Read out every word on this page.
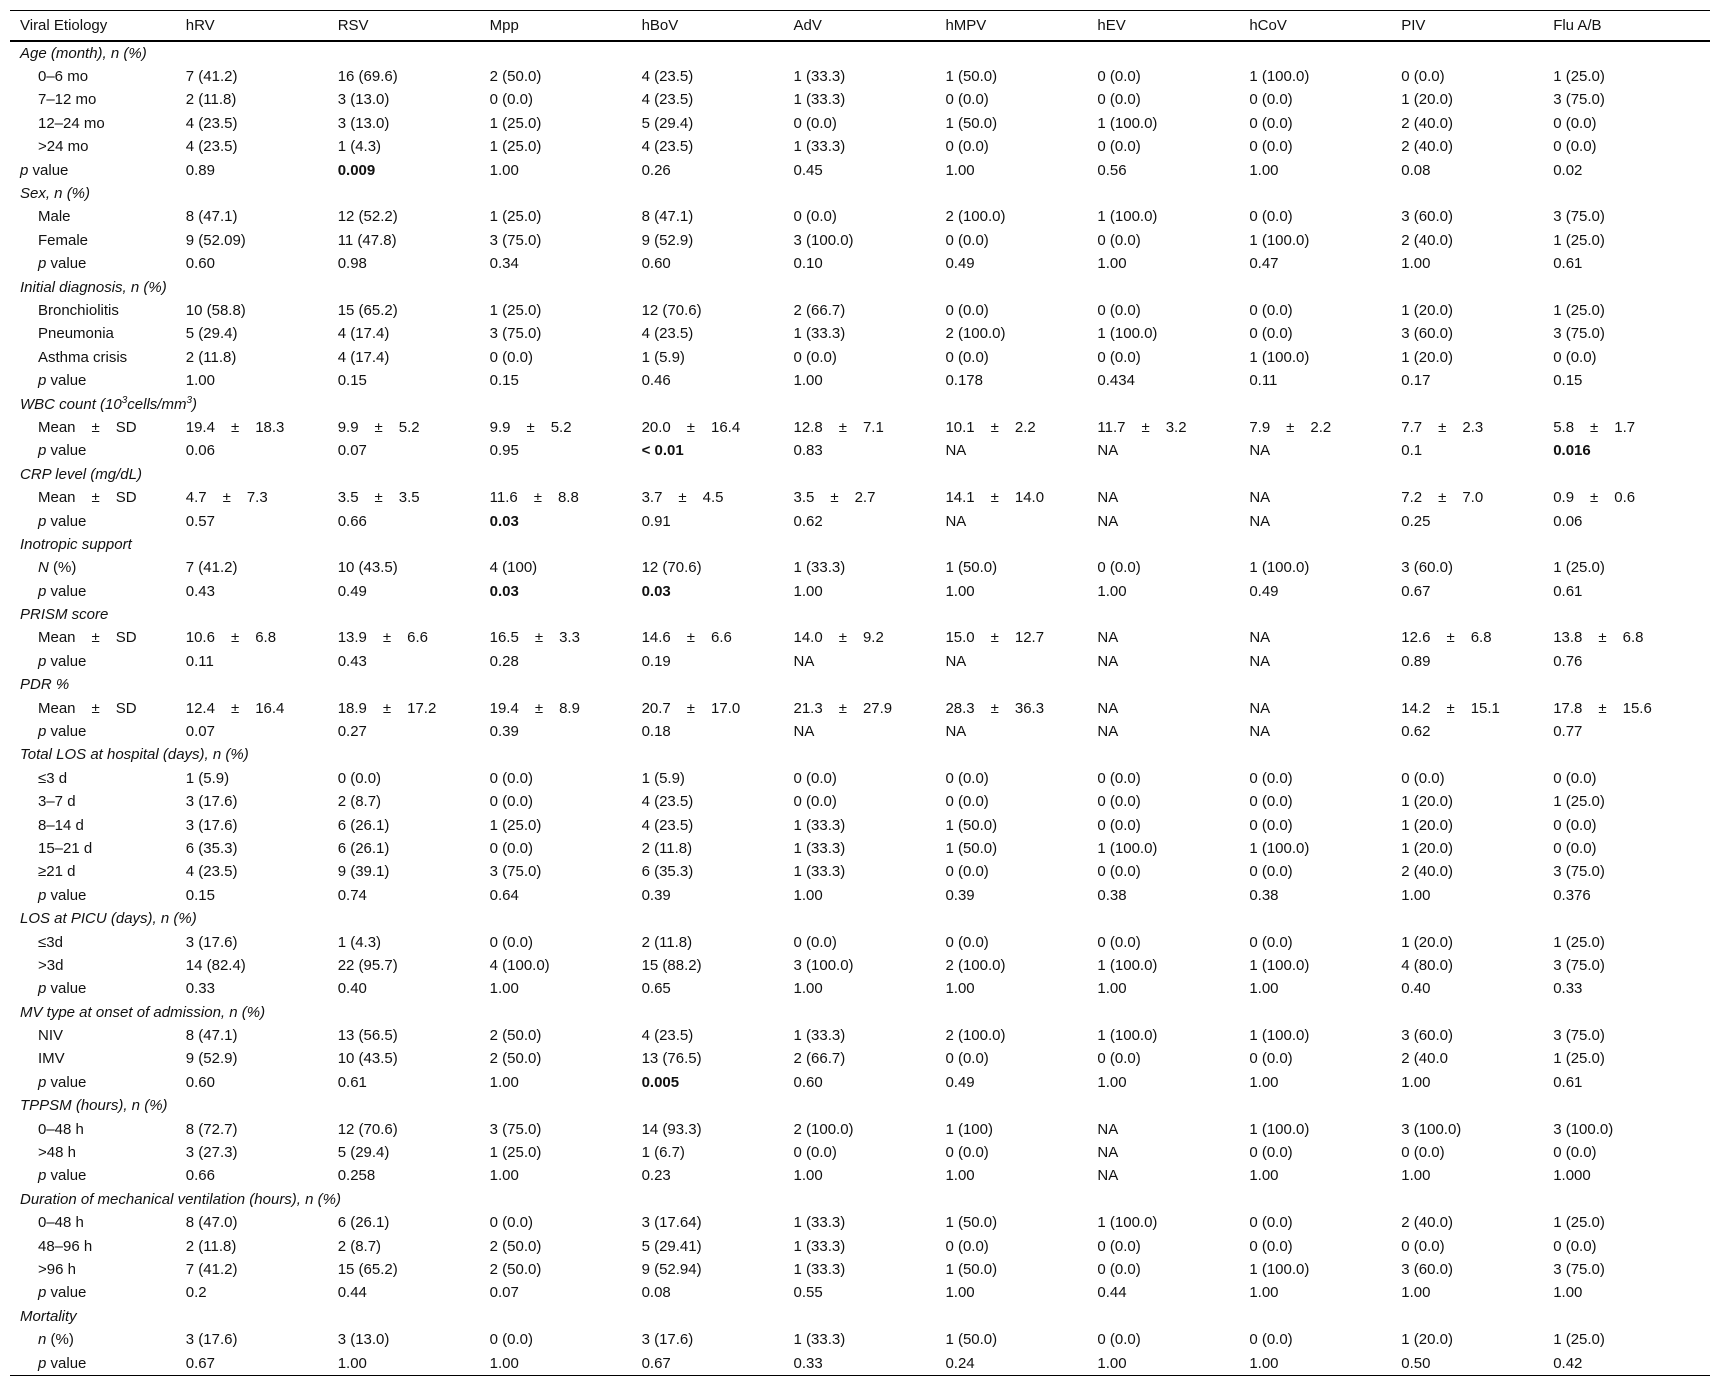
Viral Etiology	hRV	RSV	Mpp	hBoV	AdV	hMPV	hEV	hCoV	PIV	Flu A/B
Age (month), n (%)										
0–6 mo	7 (41.2)	16 (69.6)	2 (50.0)	4 (23.5)	1 (33.3)	1 (50.0)	0 (0.0)	1 (100.0)	0 (0.0)	1 (25.0)
7–12 mo	2 (11.8)	3 (13.0)	0 (0.0)	4 (23.5)	1 (33.3)	0 (0.0)	0 (0.0)	0 (0.0)	1 (20.0)	3 (75.0)
12–24 mo	4 (23.5)	3 (13.0)	1 (25.0)	5 (29.4)	0 (0.0)	1 (50.0)	1 (100.0)	0 (0.0)	2 (40.0)	0 (0.0)
>24 mo	4 (23.5)	1 (4.3)	1 (25.0)	4 (23.5)	1 (33.3)	0 (0.0)	0 (0.0)	0 (0.0)	2 (40.0)	0 (0.0)
p value	0.89	0.009	1.00	0.26	0.45	1.00	0.56	1.00	0.08	0.02
Sex, n (%)										
Male	8 (47.1)	12 (52.2)	1 (25.0)	8 (47.1)	0 (0.0)	2 (100.0)	1 (100.0)	0 (0.0)	3 (60.0)	3 (75.0)
Female	9 (52.09)	11 (47.8)	3 (75.0)	9 (52.9)	3 (100.0)	0 (0.0)	0 (0.0)	1 (100.0)	2 (40.0)	1 (25.0)
p value	0.60	0.98	0.34	0.60	0.10	0.49	1.00	0.47	1.00	0.61
Initial diagnosis, n (%)										
Bronchiolitis	10 (58.8)	15 (65.2)	1 (25.0)	12 (70.6)	2 (66.7)	0 (0.0)	0 (0.0)	0 (0.0)	1 (20.0)	1 (25.0)
Pneumonia	5 (29.4)	4 (17.4)	3 (75.0)	4 (23.5)	1 (33.3)	2 (100.0)	1 (100.0)	0 (0.0)	3 (60.0)	3 (75.0)
Asthma crisis	2 (11.8)	4 (17.4)	0 (0.0)	1 (5.9)	0 (0.0)	0 (0.0)	0 (0.0)	1 (100.0)	1 (20.0)	0 (0.0)
p value	1.00	0.15	0.15	0.46	1.00	0.178	0.434	0.11	0.17	0.15
WBC count $(10^3cells/mm^3)$										
Mean ± SD	19.4 ± 18.3	9.9 ± 5.2	9.9 ± 5.2	20.0 ± 16.4	12.8 ± 7.1	10.1 ± 2.2	11.7 ± 3.2	7.9 ± 2.2	7.7 ± 2.3	5.8 ± 1.7
p value	0.06	0.07	0.95	< 0.01	0.83	NA	NA	NA	0.1	0.016
CRP level (mg/dL)										
Mean ± SD	4.7 ± 7.3	3.5 ± 3.5	11.6 ± 8.8	3.7 ± 4.5	3.5 ± 2.7	14.1 ± 14.0	NA	NA	7.2 ± 7.0	0.9 ± 0.6
p value	0.57	0.66	0.03	0.91	0.62	NA	NA	NA	0.25	0.06
Inotropic support										
N (%)	7 (41.2)	10 (43.5)	4 (100)	12 (70.6)	1 (33.3)	1 (50.0)	0 (0.0)	1 (100.0)	3 (60.0)	1 (25.0)
p value	0.43	0.49	0.03	0.03	1.00	1.00	1.00	0.49	0.67	0.61
PRISM score										
Mean ± SD	10.6 ± 6.8	13.9 ± 6.6	16.5 ± 3.3	14.6 ± 6.6	14.0 ± 9.2	15.0 ± 12.7	NA	NA	12.6 ± 6.8	13.8 ± 6.8
p value	0.11	0.43	0.28	0.19	NA	NA	NA	NA	0.89	0.76
PDR %										
Mean ± SD	12.4 ± 16.4	18.9 ± 17.2	19.4 ± 8.9	20.7 ± 17.0	21.3 ± 27.9	28.3 ± 36.3	NA	NA	14.2 ± 15.1	17.8 ± 15.6
p value	0.07	0.27	0.39	0.18	NA	NA	NA	NA	0.62	0.77
Total LOS at hospital (days), n (%)										
≤3 d	1 (5.9)	0 (0.0)	0 (0.0)	1 (5.9)	0 (0.0)	0 (0.0)	0 (0.0)	0 (0.0)	0 (0.0)	0 (0.0)
3–7 d	3 (17.6)	2 (8.7)	0 (0.0)	4 (23.5)	0 (0.0)	0 (0.0)	0 (0.0)	0 (0.0)	1 (20.0)	1 (25.0)
8–14 d	3 (17.6)	6 (26.1)	1 (25.0)	4 (23.5)	1 (33.3)	1 (50.0)	0 (0.0)	0 (0.0)	1 (20.0)	0 (0.0)
15–21 d	6 (35.3)	6 (26.1)	0 (0.0)	2 (11.8)	1 (33.3)	1 (50.0)	1 (100.0)	1 (100.0)	1 (20.0)	0 (0.0)
≥21 d	4 (23.5)	9 (39.1)	3 (75.0)	6 (35.3)	1 (33.3)	0 (0.0)	0 (0.0)	0 (0.0)	2 (40.0)	3 (75.0)
p value	0.15	0.74	0.64	0.39	1.00	0.39	0.38	0.38	1.00	0.376
LOS at PICU (days), n (%)										
≤3d	3 (17.6)	1 (4.3)	0 (0.0)	2 (11.8)	0 (0.0)	0 (0.0)	0 (0.0)	0 (0.0)	1 (20.0)	1 (25.0)
>3d	14 (82.4)	22 (95.7)	4 (100.0)	15 (88.2)	3 (100.0)	2 (100.0)	1 (100.0)	1 (100.0)	4 (80.0)	3 (75.0)
p value	0.33	0.40	1.00	0.65	1.00	1.00	1.00	1.00	0.40	0.33
MV type at onset of admission, n (%)										
NIV	8 (47.1)	13 (56.5)	2 (50.0)	4 (23.5)	1 (33.3)	2 (100.0)	1 (100.0)	1 (100.0)	3 (60.0)	3 (75.0)
IMV	9 (52.9)	10 (43.5)	2 (50.0)	13 (76.5)	2 (66.7)	0 (0.0)	0 (0.0)	0 (0.0)	2 (40.0	1 (25.0)
p value	0.60	0.61	1.00	0.005	0.60	0.49	1.00	1.00	1.00	0.61
TPPSM (hours), n (%)										
0–48 h	8 (72.7)	12 (70.6)	3 (75.0)	14 (93.3)	2 (100.0)	1 (100)	NA	1 (100.0)	3 (100.0)	3 (100.0)
>48 h	3 (27.3)	5 (29.4)	1 (25.0)	1 (6.7)	0 (0.0)	0 (0.0)	NA	0 (0.0)	0 (0.0)	0 (0.0)
p value	0.66	0.258	1.00	0.23	1.00	1.00	NA	1.00	1.00	1.000
Duration of mechanical ventilation (hours), n (%)										
0–48 h	8 (47.0)	6 (26.1)	0 (0.0)	3 (17.64)	1 (33.3)	1 (50.0)	1 (100.0)	0 (0.0)	2 (40.0)	1 (25.0)
48–96 h	2 (11.8)	2 (8.7)	2 (50.0)	5 (29.41)	1 (33.3)	0 (0.0)	0 (0.0)	0 (0.0)	0 (0.0)	0 (0.0)
>96 h	7 (41.2)	15 (65.2)	2 (50.0)	9 (52.94)	1 (33.3)	1 (50.0)	0 (0.0)	1 (100.0)	3 (60.0)	3 (75.0)
p value	0.2	0.44	0.07	0.08	0.55	1.00	0.44	1.00	1.00	1.00
Mortality										
n (%)	3 (17.6)	3 (13.0)	0 (0.0)	3 (17.6)	1 (33.3)	1 (50.0)	0 (0.0)	0 (0.0)	1 (20.0)	1 (25.0)
p value	0.67	1.00	1.00	0.67	0.33	0.24	1.00	1.00	0.50	0.42
